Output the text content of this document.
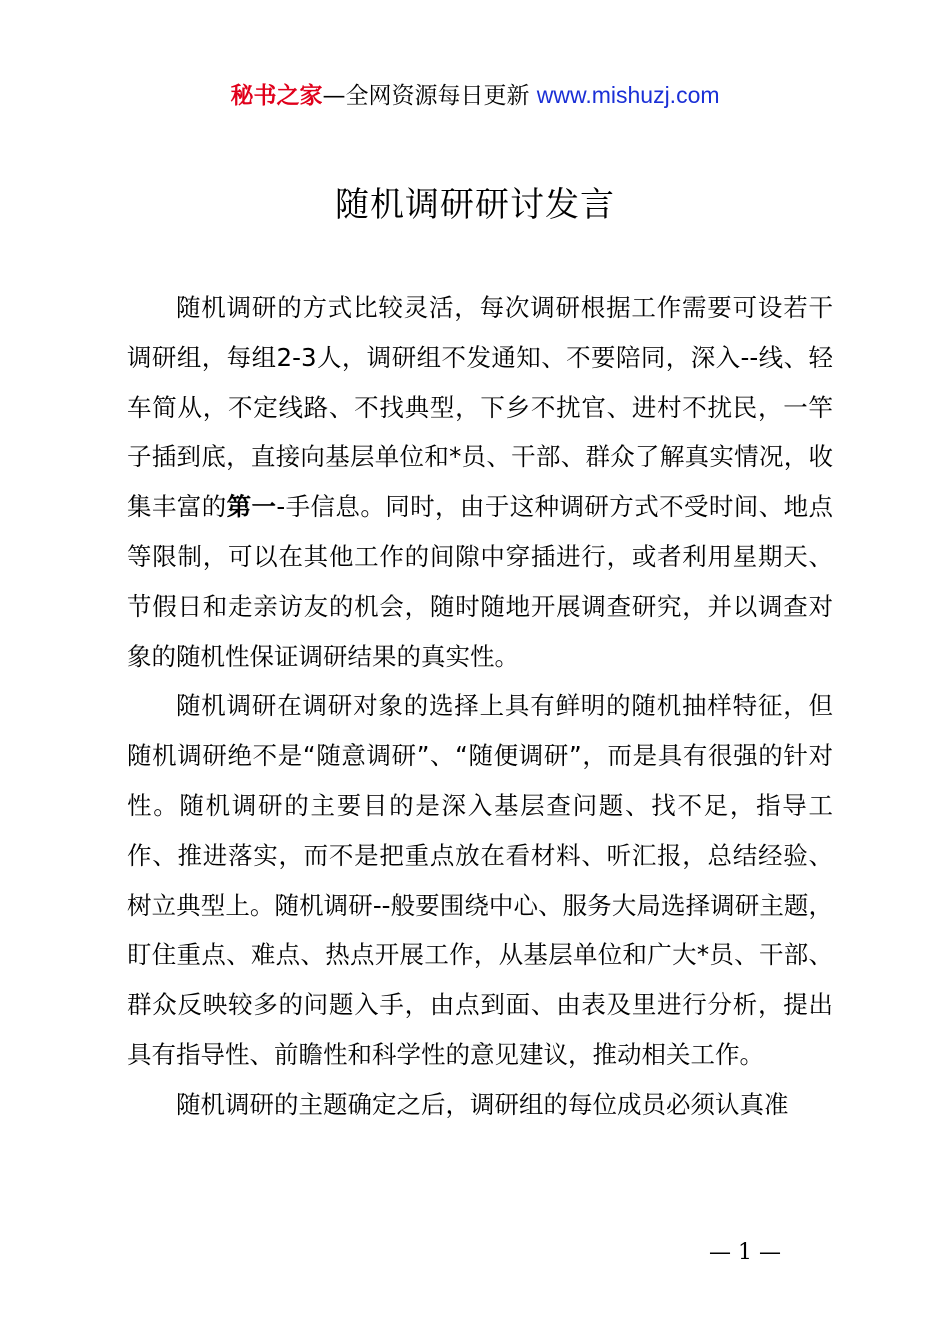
秘书之家—全网资源每日更新 www.mishuzj.com
随机调研研讨发言

随机调研的方式比较灵活，每次调研根据工作需要可设若干调研组，每组2-3人，调研组不发通知、不要陪同，深入--线、轻车简从，不定线路、不找典型，下乡不扰官、进村不扰民，一竿子插到底，直接向基层单位和*员、干部、群众了解真实情况，收集丰富的第一-手信息。同时，由于这种调研方式不受时间、地点等限制，可以在其他工作的间隙中穿插进行，或者利用星期天、节假日和走亲访友的机会，随时随地开展调查研究，并以调查对象的随机性保证调研结果的真实性。

随机调研在调研对象的选择上具有鲜明的随机抽样特征，但随机调研绝不是“随意调研”、“随便调研”，而是具有很强的针对性。随机调研的主要目的是深入基层查问题、找不足，指导工作、推进落实，而不是把重点放在看材料、听汇报，总结经验、树立典型上。随机调研--般要围绕中心、服务大局选择调研主题，盯住重点、难点、热点开展工作，从基层单位和广大*员、干部、群众反映较多的问题入手，由点到面、由表及里进行分析，提出具有指导性、前瞻性和科学性的意见建议，推动相关工作。

随机调研的主题确定之后，调研组的每位成员必须认真准

— 1 —
